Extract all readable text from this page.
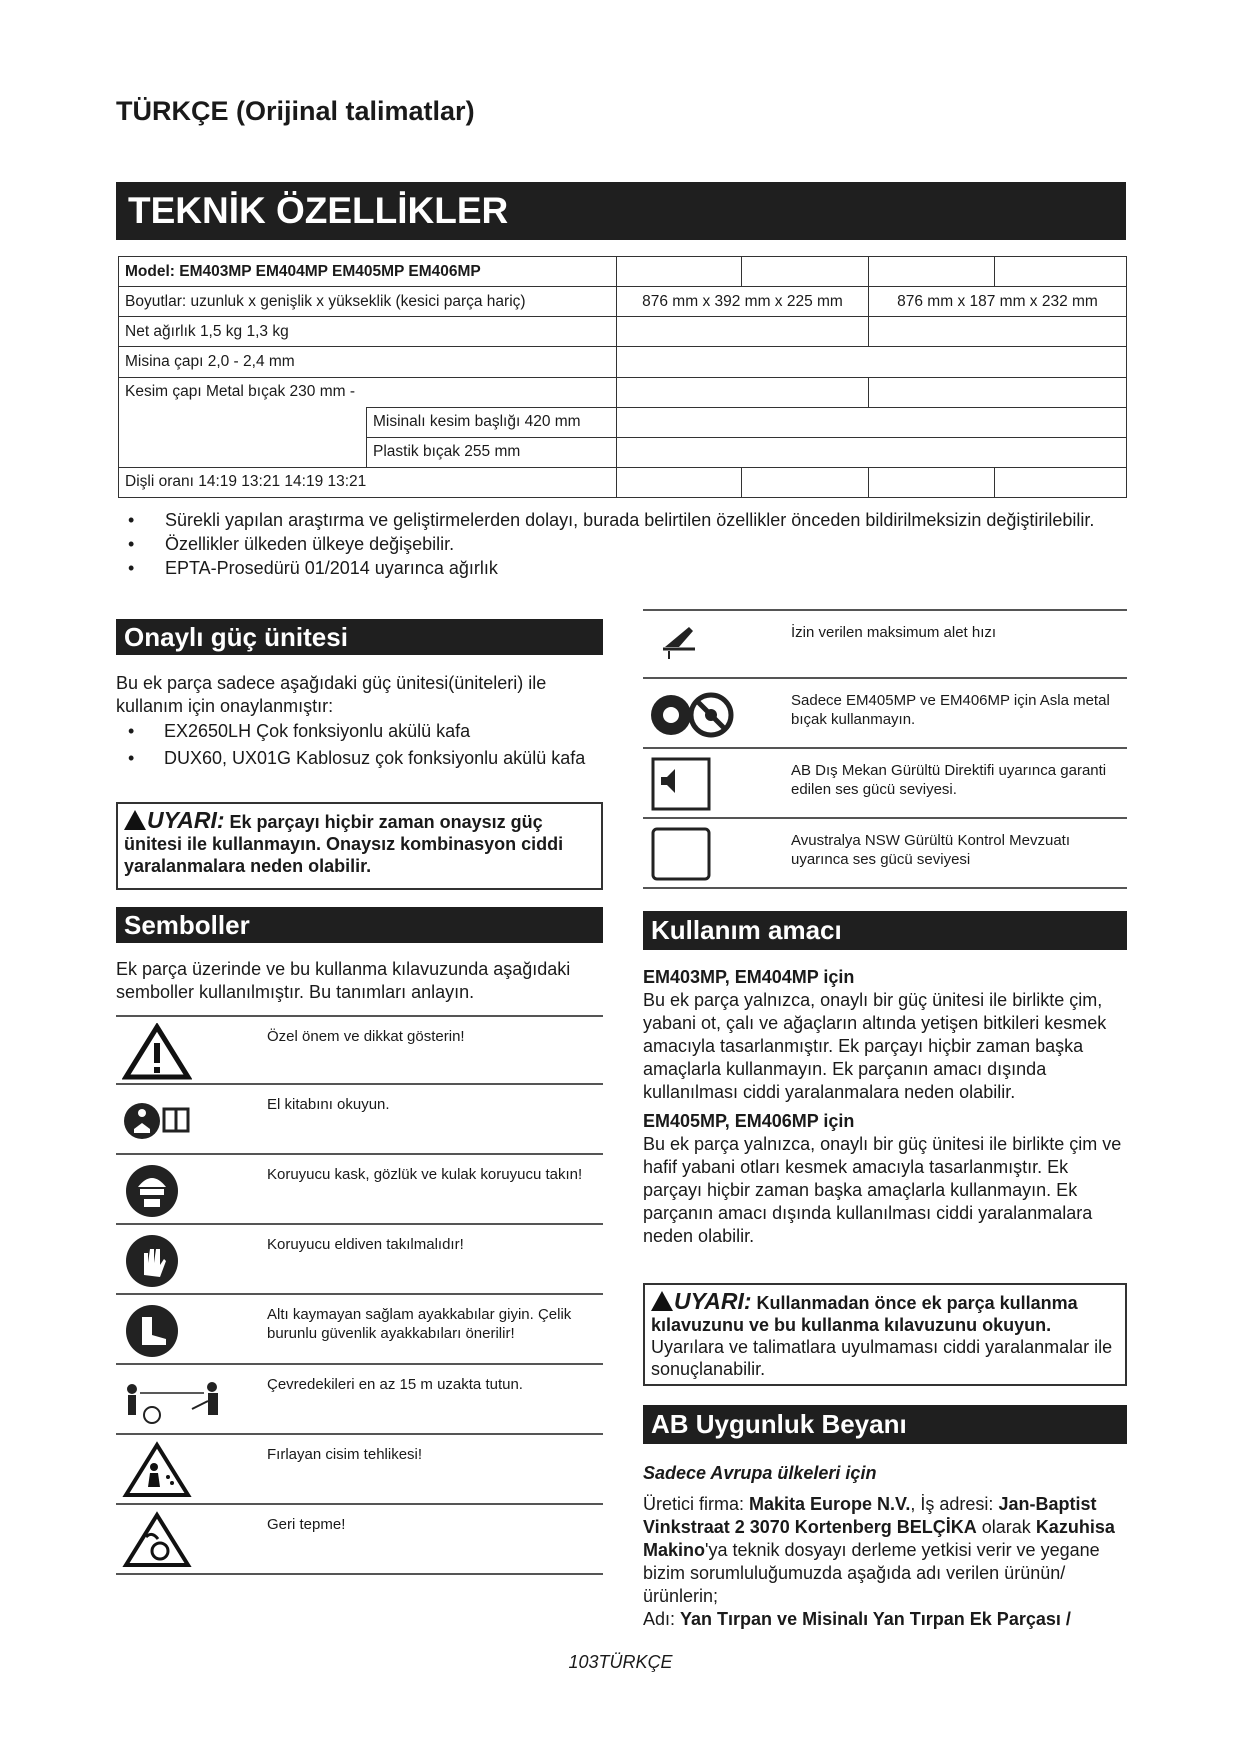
TÜRKÇE (Orijinal talimatlar)
TEKNİK ÖZELLİKLER
Model: EM403MP EM404MP EM405MP EM406MP					
Boyutlar: uzunluk x genişlik x yükseklik (kesici parça hariç)		876 mm x 392 mm x 225 mm		876 mm x 187 mm x 232 mm	
Net ağırlık 1,5 kg 1,3 kg					
Misina çapı 2,0 - 2,4 mm					
Kesim çapı Metal bıçak 230 mm -					
	Misinalı kesim başlığı 420 mm				
	Plastik bıçak 255 mm				
Dişli oranı 14:19 13:21 14:19 13:21					
• Sürekli yapılan araştırma ve geliştirmelerden dolayı, burada belirtilen özellikler önceden bildirilmeksizin değiştirilebilir.
• Özellikler ülkeden ülkeye değişebilir.
• EPTA-Prosedürü 01/2014 uyarınca ağırlık
Onaylı güç ünitesi
Bu ek parça sadece aşağıdaki güç ünitesi(üniteleri) ile kullanım için onaylanmıştır:
• EX2650LH Çok fonksiyonlu akülü kafa
• DUX60, UX01G Kablosuz çok fonksiyonlu akülü kafa
UYARI: Ek parçayı hiçbir zaman onaysız güç ünitesi ile kullanmayın. Onaysız kombinasyon ciddi yaralanmalara neden olabilir.
Semboller
Ek parça üzerinde ve bu kullanma kılavuzunda aşağıdaki semboller kullanılmıştır. Bu tanımları anlayın.
Özel önem ve dikkat gösterin!
El kitabını okuyun.
Koruyucu kask, gözlük ve kulak koruyucu takın!
Koruyucu eldiven takılmalıdır!
Altı kaymayan sağlam ayakkabılar giyin. Çelik burunlu güvenlik ayakkabıları önerilir!
Çevredekileri en az 15 m uzakta tutun.
Fırlayan cisim tehlikesi!
Geri tepme!
İzin verilen maksimum alet hızı
Sadece EM405MP ve EM406MP için Asla metal bıçak kullanmayın.
AB Dış Mekan Gürültü Direktifi uyarınca garanti edilen ses gücü seviyesi.
Avustralya NSW Gürültü Kontrol Mevzuatı uyarınca ses gücü seviyesi
Kullanım amacı
EM403MP, EM404MP için
Bu ek parça yalnızca, onaylı bir güç ünitesi ile birlikte çim, yabani ot, çalı ve ağaçların altında yetişen bitkileri kesmek amacıyla tasarlanmıştır. Ek parçayı hiçbir zaman başka amaçlarla kullanmayın. Ek parçanın amacı dışında kullanılması ciddi yaralanmalara neden olabilir.
EM405MP, EM406MP için
Bu ek parça yalnızca, onaylı bir güç ünitesi ile birlikte çim ve hafif yabani otları kesmek amacıyla tasarlanmıştır. Ek parçayı hiçbir zaman başka amaçlarla kullanmayın. Ek parçanın amacı dışında kullanılması ciddi yaralanmalara neden olabilir.
UYARI: Kullanmadan önce ek parça kullanma kılavuzunu ve bu kullanma kılavuzunu okuyun.
Uyarılara ve talimatlara uyulmaması ciddi yaralanmalar ile sonuçlanabilir.
AB Uygunluk Beyanı
Sadece Avrupa ülkeleri için
Üretici firma: Makita Europe N.V., İş adresi: Jan-Baptist Vinkstraat 2 3070 Kortenberg BELÇİKA olarak Kazuhisa Makino'ya teknik dosyayı derleme yetkisi verir ve yegane bizim sorumluluğumuzda aşağıda adı verilen ürünün/ürünlerin;
Adı: Yan Tırpan ve Misinalı Yan Tırpan Ek Parçası /
103TÜRKÇE
